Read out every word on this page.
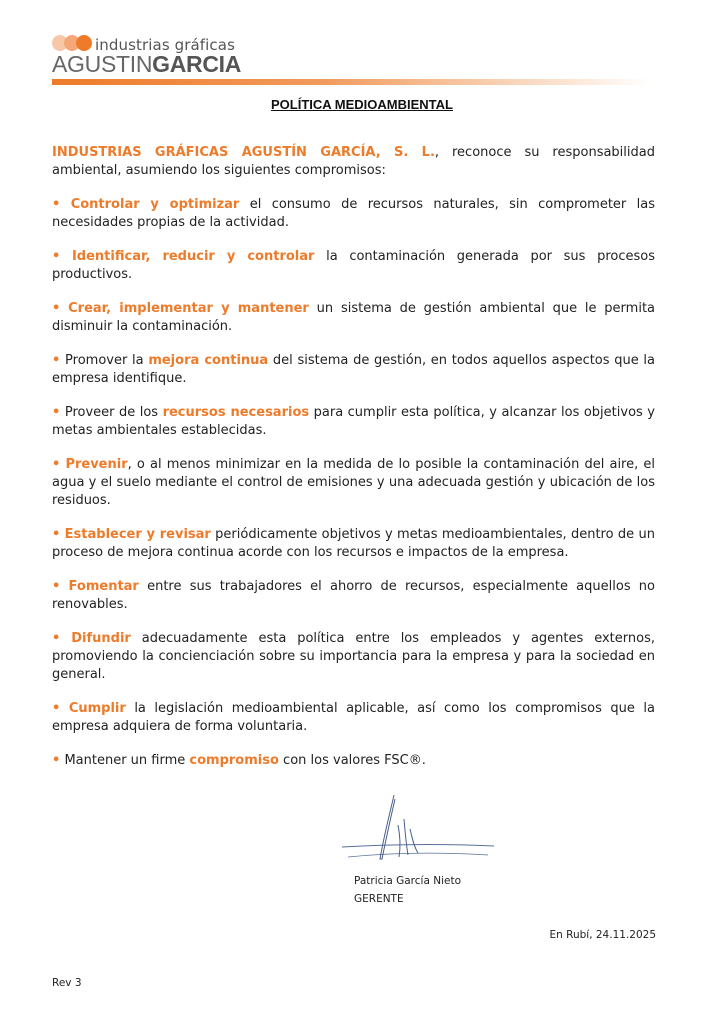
industrias gráficas
AGUSTINGARCIA
POLÍTICA MEDIOAMBIENTAL

INDUSTRIAS GRÁFICAS AGUSTÍN GARCÍA, S. L., reconoce su responsabilidad ambiental, asumiendo los siguientes compromisos:

• Controlar y optimizar el consumo de recursos naturales, sin comprometer las necesidades propias de la actividad.

• Identificar, reducir y controlar la contaminación generada por sus procesos productivos.

• Crear, implementar y mantener un sistema de gestión ambiental que le permita disminuir la contaminación.

• Promover la mejora continua del sistema de gestión, en todos aquellos aspectos que la empresa identifique.

• Proveer de los recursos necesarios para cumplir esta política, y alcanzar los objetivos y metas ambientales establecidas.

• Prevenir, o al menos minimizar en la medida de lo posible la contaminación del aire, el agua y el suelo mediante el control de emisiones y una adecuada gestión y ubicación de los residuos.

• Establecer y revisar periódicamente objetivos y metas medioambientales, dentro de un proceso de mejora continua acorde con los recursos e impactos de la empresa.

• Fomentar entre sus trabajadores el ahorro de recursos, especialmente aquellos no renovables.

• Difundir adecuadamente esta política entre los empleados y agentes externos, promoviendo la concienciación sobre su importancia para la empresa y para la sociedad en general.

• Cumplir la legislación medioambiental aplicable, así como los compromisos que la empresa adquiera de forma voluntaria.

• Mantener un firme compromiso con los valores FSC®.

Patricia García Nieto
GERENTE
En Rubí, 24.11.2025
Rev 3
